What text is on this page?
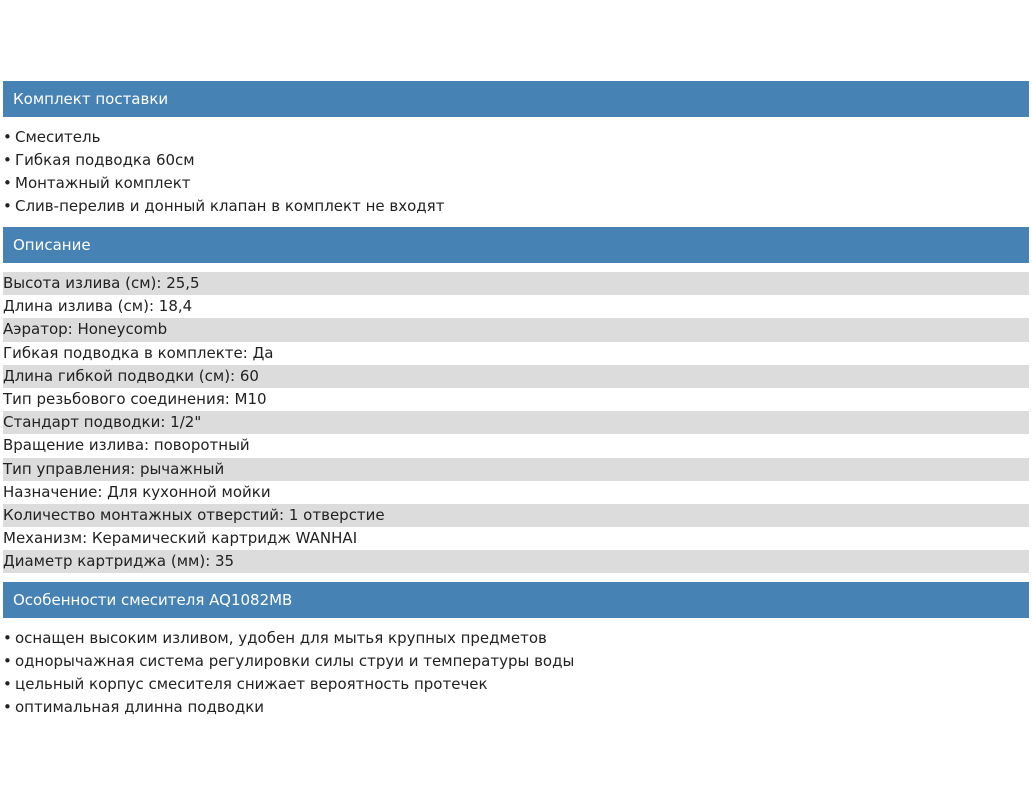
Комплект поставки
• Смеситель
• Гибкая подводка 60см
• Монтажный комплект
• Слив-перелив и донный клапан в комплект не входят
Описание
Высота излива (см): 25,5
Длина излива (см): 18,4
Аэратор: Honeycomb
Гибкая подводка в комплекте: Да
Длина гибкой подводки (см): 60
Тип резьбового соединения: М10
Стандарт подводки: 1/2"
Вращение излива: поворотный
Тип управления: рычажный
Назначение: Для кухонной мойки
Количество монтажных отверстий: 1 отверстие
Механизм: Керамический картридж WANHAI
Диаметр картриджа (мм): 35
Особенности смесителя AQ1082MB
• оснащен высоким изливом, удобен для мытья крупных предметов
• однорычажная система регулировки силы струи и температуры воды
• цельный корпус смесителя снижает вероятность протечек
• оптимальная длинна подводки
